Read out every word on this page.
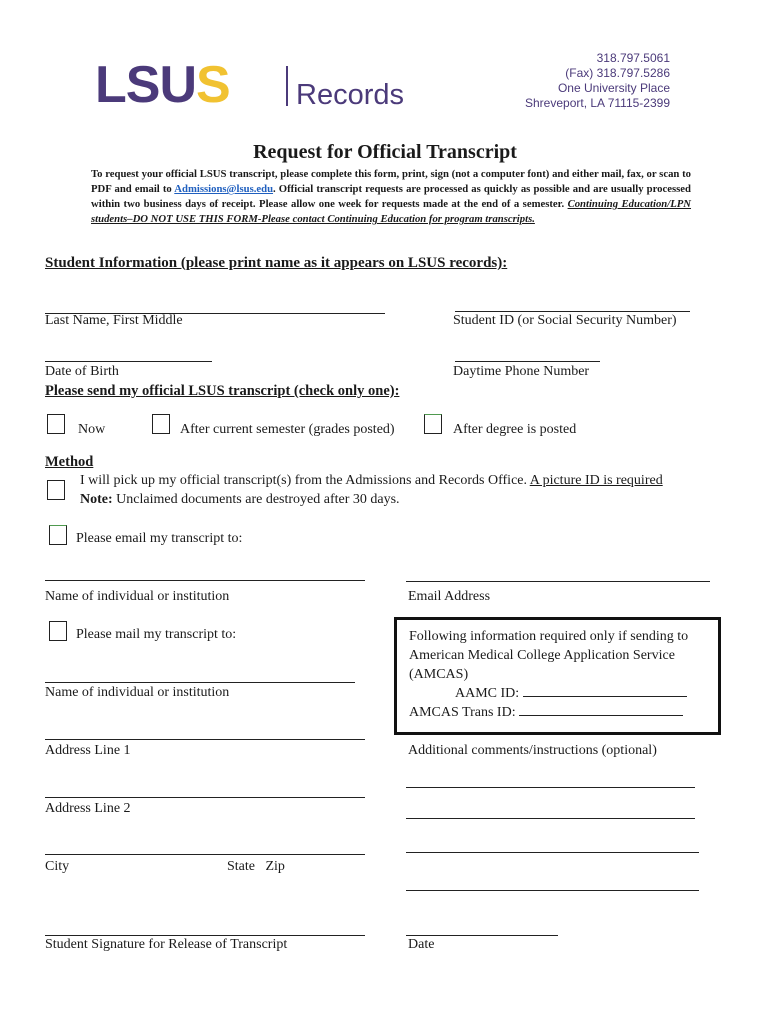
LSUS Records
318.797.5061
(Fax) 318.797.5286
One University Place
Shreveport, LA 71115-2399
Request for Official Transcript
To request your official LSUS transcript, please complete this form, print, sign (not a computer font) and either mail, fax, or scan to PDF and email to Admissions@lsus.edu. Official transcript requests are processed as quickly as possible and are usually processed within two business days of receipt. Please allow one week for requests made at the end of a semester. Continuing Education/LPN students–DO NOT USE THIS FORM-Please contact Continuing Education for program transcripts.
Student Information (please print name as it appears on LSUS records):
Last Name, First Middle	Student ID (or Social Security Number)
Date of Birth	Daytime Phone Number
Please send my official LSUS transcript (check only one):
Now	After current semester (grades posted)	After degree is posted
Method
I will pick up my official transcript(s) from the Admissions and Records Office. A picture ID is required
Note: Unclaimed documents are destroyed after 30 days.
Please email my transcript to:
Name of individual or institution	Email Address
Please mail my transcript to:
Name of individual or institution
Address Line 1
Address Line 2
City	State   Zip
Student Signature for Release of Transcript
Following information required only if sending to
American Medical College Application Service
(AMCAS)
AAMC ID:
AMCAS Trans ID:
Additional comments/instructions (optional)
Date
